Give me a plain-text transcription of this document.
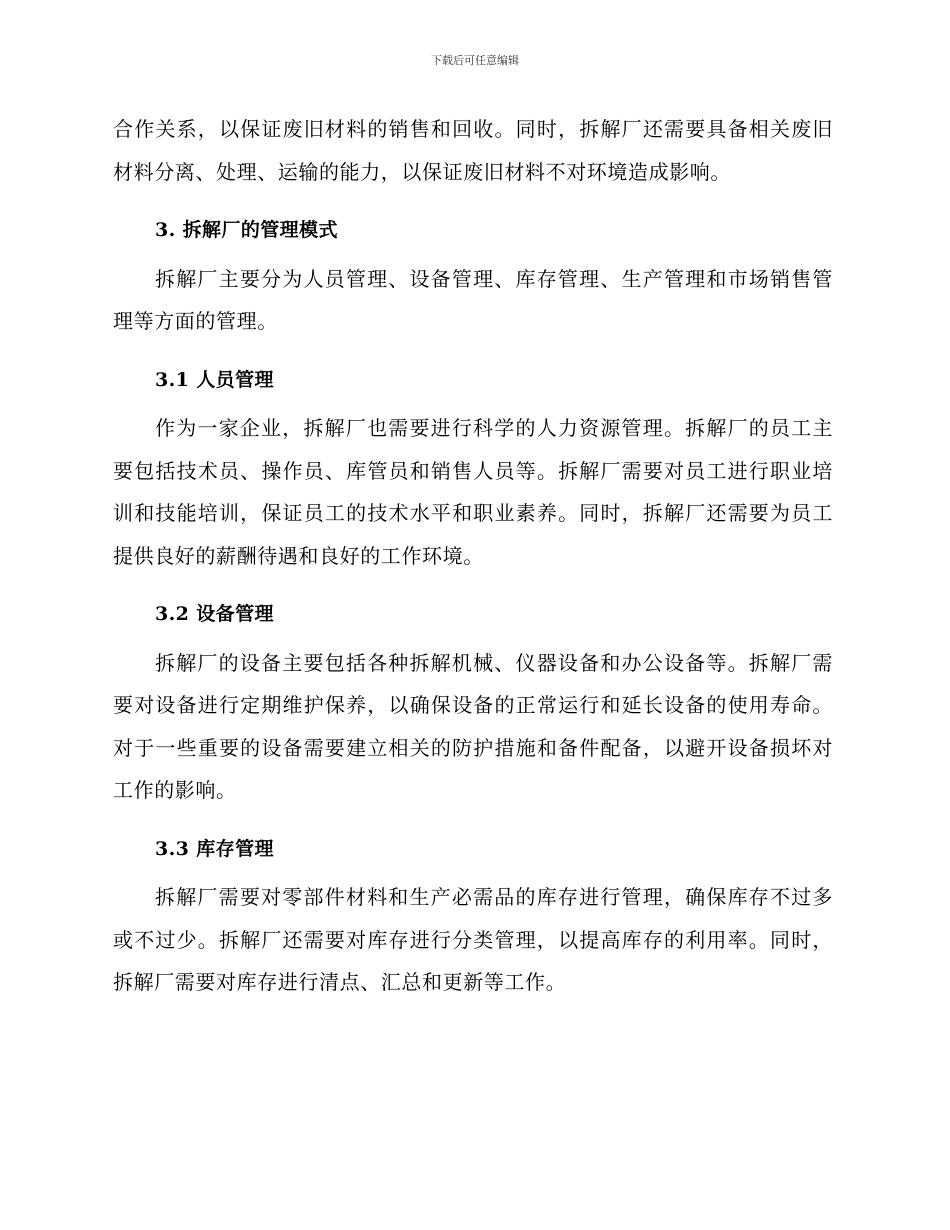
下载后可任意编辑

合作关系，以保证废旧材料的销售和回收。同时，拆解厂还需要具备相关废旧材料分离、处理、运输的能力，以保证废旧材料不对环境造成影响。

3. 拆解厂的管理模式

拆解厂主要分为人员管理、设备管理、库存管理、生产管理和市场销售管理等方面的管理。

3.1 人员管理

作为一家企业，拆解厂也需要进行科学的人力资源管理。拆解厂的员工主要包括技术员、操作员、库管员和销售人员等。拆解厂需要对员工进行职业培训和技能培训，保证员工的技术水平和职业素养。同时，拆解厂还需要为员工提供良好的薪酬待遇和良好的工作环境。

3.2 设备管理

拆解厂的设备主要包括各种拆解机械、仪器设备和办公设备等。拆解厂需要对设备进行定期维护保养，以确保设备的正常运行和延长设备的使用寿命。对于一些重要的设备需要建立相关的防护措施和备件配备，以避开设备损坏对工作的影响。

3.3 库存管理

拆解厂需要对零部件材料和生产必需品的库存进行管理，确保库存不过多或不过少。拆解厂还需要对库存进行分类管理，以提高库存的利用率。同时，拆解厂需要对库存进行清点、汇总和更新等工作。
